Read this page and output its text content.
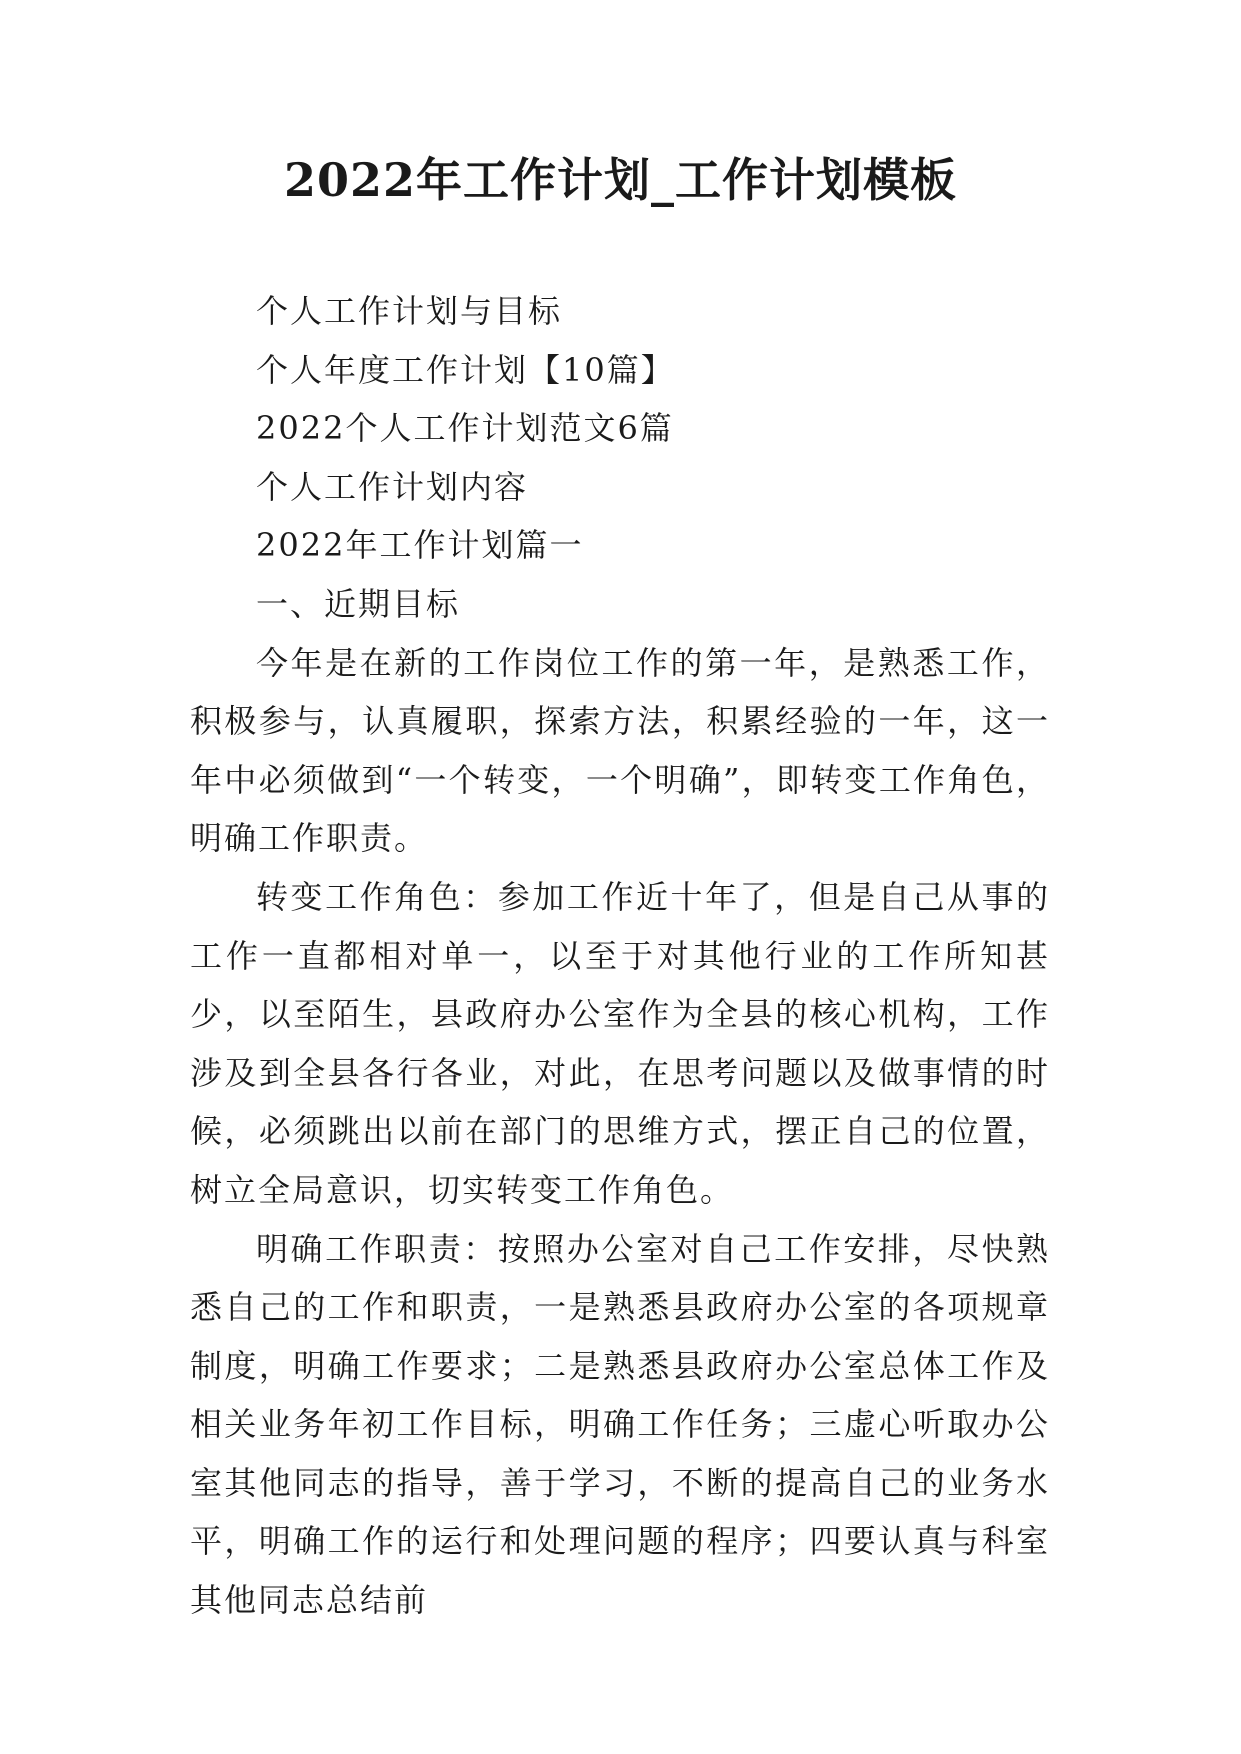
2022年工作计划_工作计划模板

个人工作计划与目标

个人年度工作计划【10篇】

2022个人工作计划范文6篇

个人工作计划内容

2022年工作计划篇一

一、近期目标

今年是在新的工作岗位工作的第一年，是熟悉工作，积极参与，认真履职，探索方法，积累经验的一年，这一年中必须做到“一个转变，一个明确”，即转变工作角色，明确工作职责。

转变工作角色：参加工作近十年了，但是自己从事的工作一直都相对单一，以至于对其他行业的工作所知甚少，以至陌生，县政府办公室作为全县的核心机构，工作涉及到全县各行各业，对此，在思考问题以及做事情的时候，必须跳出以前在部门的思维方式，摆正自己的位置，树立全局意识，切实转变工作角色。

明确工作职责：按照办公室对自己工作安排，尽快熟悉自己的工作和职责，一是熟悉县政府办公室的各项规章制度，明确工作要求；二是熟悉县政府办公室总体工作及相关业务年初工作目标，明确工作任务；三虚心听取办公室其他同志的指导，善于学习，不断的提高自己的业务水平，明确工作的运行和处理问题的程序；四要认真与科室其他同志总结前
